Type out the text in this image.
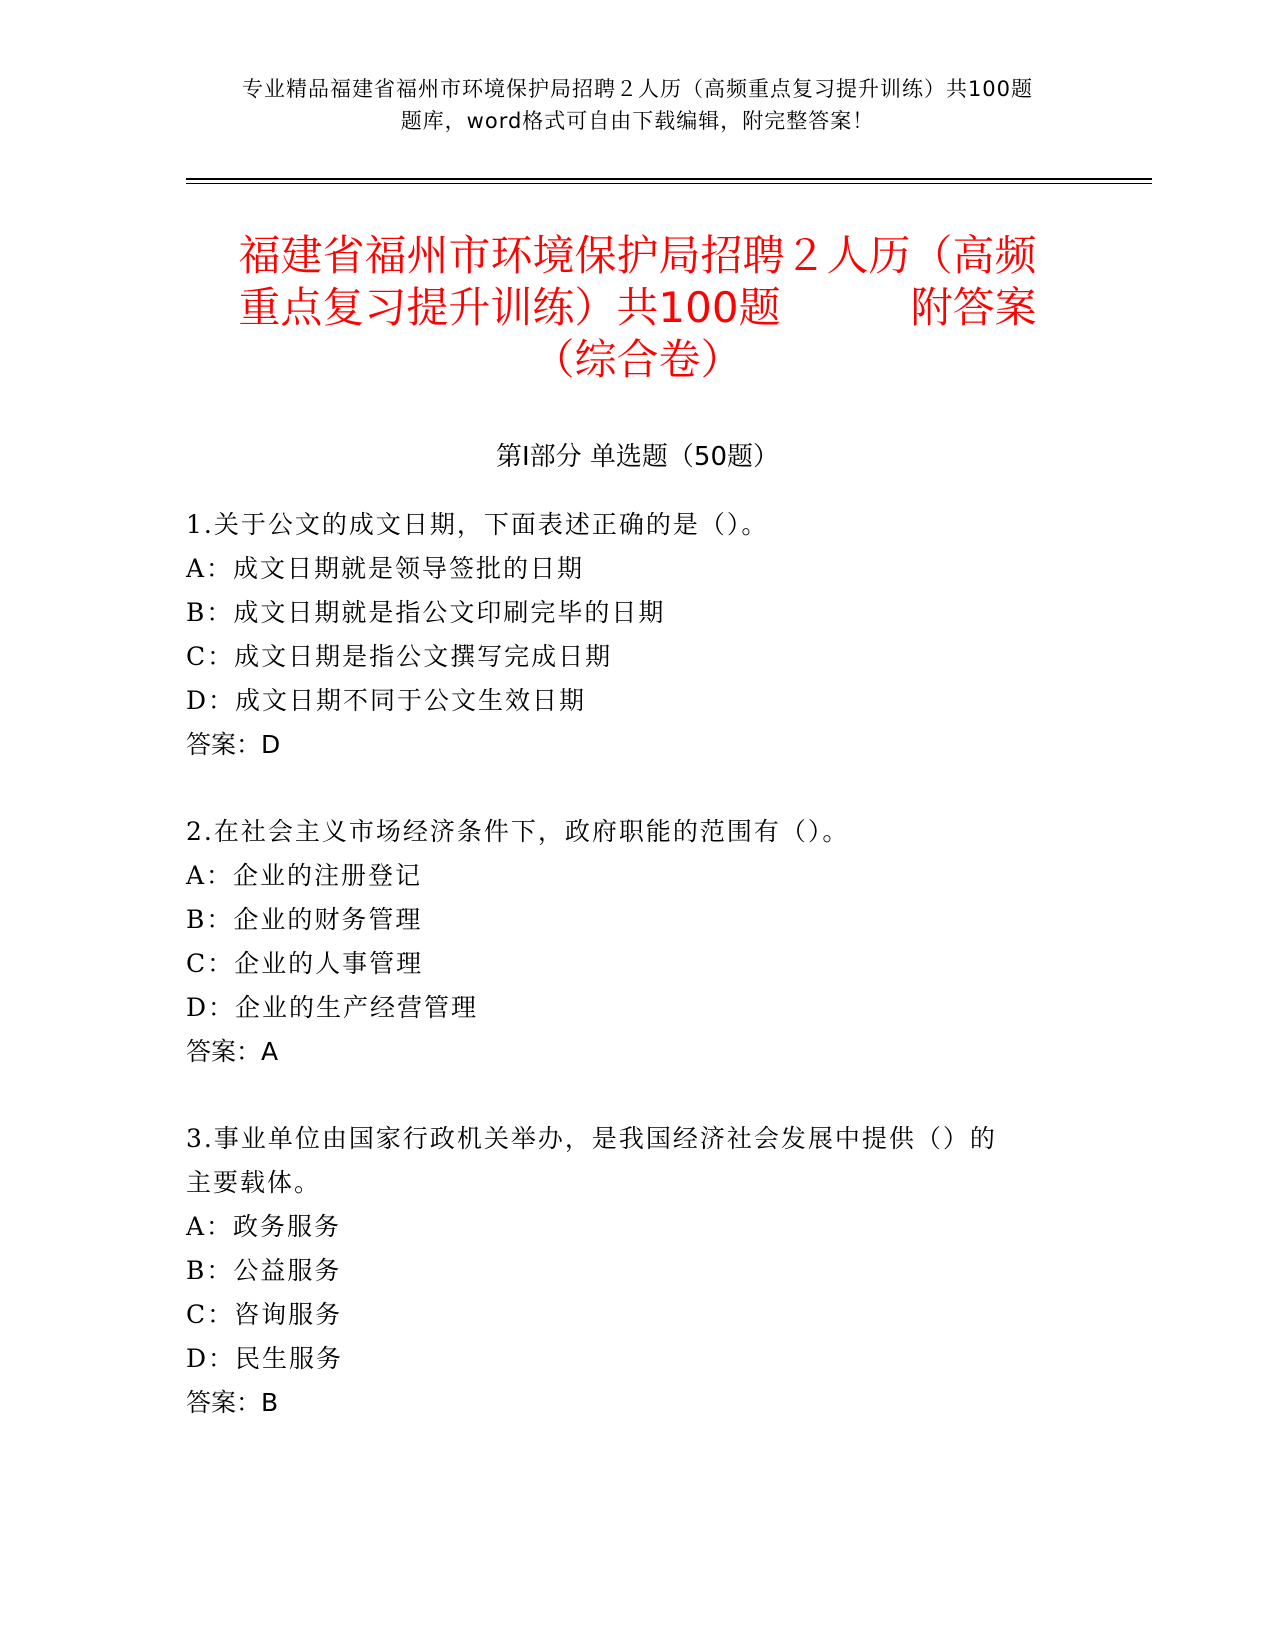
专业精品福建省福州市环境保护局招聘２人历（高频重点复习提升训练）共100题
题库，word格式可自由下载编辑，附完整答案！
福建省福州市环境保护局招聘２人历（高频
重点复习提升训练）共100题	附答案
（综合卷）
第Ⅰ部分 单选题（50题）
1.关于公文的成文日期，下面表述正确的是（）。
A：成文日期就是领导签批的日期
B：成文日期就是指公文印刷完毕的日期
C：成文日期是指公文撰写完成日期
D：成文日期不同于公文生效日期
答案：D
2.在社会主义市场经济条件下，政府职能的范围有（）。
A：企业的注册登记
B：企业的财务管理
C：企业的人事管理
D：企业的生产经营管理
答案：A
3.事业单位由国家行政机关举办，是我国经济社会发展中提供（）的
主要载体。
A：政务服务
B：公益服务
C：咨询服务
D：民生服务
答案：B
